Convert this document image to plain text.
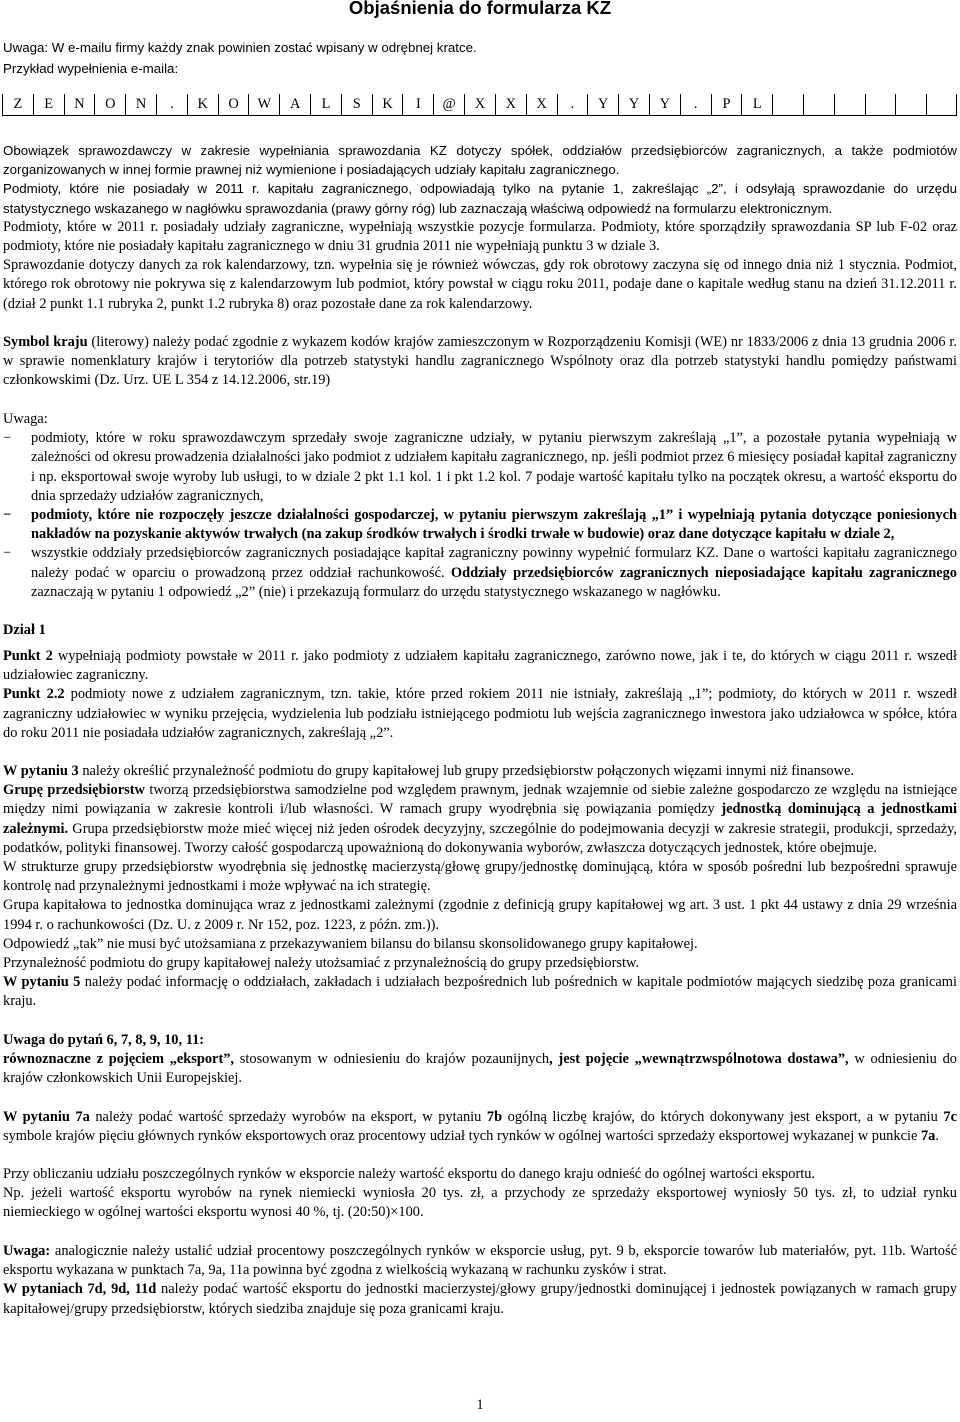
Objaśnienia do formularza KZ

Uwaga: W e-mailu firmy każdy znak powinien zostać wpisany w odrębnej kratce.

Przykład wypełnienia e-maila:

Z	E	N	O	N	.	K	O	W	A	L	S	K	I	@	X	X	X	.	Y	Y	Y	.	P	L

Obowiązek sprawozdawczy w zakresie wypełniania sprawozdania KZ dotyczy spółek, oddziałów przedsiębiorców zagranicznych, a także podmiotów zorganizowanych w innej formie prawnej niż wymienione i posiadających udziały kapitału zagranicznego.

Podmioty, które nie posiadały w 2011 r. kapitału zagranicznego, odpowiadają tylko na pytanie 1, zakreślając „2”, i odsyłają sprawozdanie do urzędu statystycznego wskazanego w nagłówku sprawozdania (prawy górny róg) lub zaznaczają właściwą odpowiedź na formularzu elektronicznym.

Podmioty, które w 2011 r. posiadały udziały zagraniczne, wypełniają wszystkie pozycje formularza. Podmioty, które sporządziły sprawozdania SP lub F-02 oraz podmioty, które nie posiadały kapitału zagranicznego w dniu 31 grudnia 2011 nie wypełniają punktu 3 w dziale 3.

Sprawozdanie dotyczy danych za rok kalendarzowy, tzn. wypełnia się je również wówczas, gdy rok obrotowy zaczyna się od innego dnia niż 1 stycznia. Podmiot, którego rok obrotowy nie pokrywa się z kalendarzowym lub podmiot, który powstał w ciągu roku 2011, podaje dane o kapitale według stanu na dzień 31.12.2011 r. (dział 2 punkt 1.1 rubryka 2, punkt 1.2 rubryka 8) oraz pozostałe dane za rok kalendarzowy.

Symbol kraju (literowy) należy podać zgodnie z wykazem kodów krajów zamieszczonym w Rozporządzeniu Komisji (WE) nr 1833/2006 z dnia 13 grudnia 2006 r. w sprawie nomenklatury krajów i terytoriów dla potrzeb statystyki handlu zagranicznego Wspólnoty oraz dla potrzeb statystyki handlu pomiędzy państwami członkowskimi (Dz. Urz. UE L 354 z 14.12.2006, str.19)

Uwaga:

− podmioty, które w roku sprawozdawczym sprzedały swoje zagraniczne udziały, w pytaniu pierwszym zakreślają „1”, a pozostałe pytania wypełniają w zależności od okresu prowadzenia działalności jako podmiot z udziałem kapitału zagranicznego, np. jeśli podmiot przez 6 miesięcy posiadał kapitał zagraniczny i np. eksportował swoje wyroby lub usługi, to w dziale 2 pkt 1.1 kol. 1 i pkt 1.2 kol. 7 podaje wartość kapitału tylko na początek okresu, a wartość eksportu do dnia sprzedaży udziałów zagranicznych,
− podmioty, które nie rozpoczęły jeszcze działalności gospodarczej, w pytaniu pierwszym zakreślają „1” i wypełniają pytania dotyczące poniesionych nakładów na pozyskanie aktywów trwałych (na zakup środków trwałych i środki trwałe w budowie) oraz dane dotyczące kapitału w dziale 2,
− wszystkie oddziały przedsiębiorców zagranicznych posiadające kapitał zagraniczny powinny wypełnić formularz KZ. Dane o wartości kapitału zagranicznego należy podać w oparciu o prowadzoną przez oddział rachunkowość. Oddziały przedsiębiorców zagranicznych nieposiadające kapitału zagranicznego zaznaczają w pytaniu 1 odpowiedź „2” (nie) i przekazują formularz do urzędu statystycznego wskazanego w nagłówku.

Dział 1

Punkt 2 wypełniają podmioty powstałe w 2011 r. jako podmioty z udziałem kapitału zagranicznego, zarówno nowe, jak i te, do których w ciągu 2011 r. wszedł udziałowiec zagraniczny.

Punkt 2.2 podmioty nowe z udziałem zagranicznym, tzn. takie, które przed rokiem 2011 nie istniały, zakreślają „1”; podmioty, do których w 2011 r. wszedł zagraniczny udziałowiec w wyniku przejęcia, wydzielenia lub podziału istniejącego podmiotu lub wejścia zagranicznego inwestora jako udziałowca w spółce, która do roku 2011 nie posiadała udziałów zagranicznych, zakreślają „2”.

W pytaniu 3 należy określić przynależność podmiotu do grupy kapitałowej lub grupy przedsiębiorstw połączonych więzami innymi niż finansowe.

Grupę przedsiębiorstw tworzą przedsiębiorstwa samodzielne pod względem prawnym, jednak wzajemnie od siebie zależne gospodarczo ze względu na istniejące między nimi powiązania w zakresie kontroli i/lub własności. W ramach grupy wyodrębnia się powiązania pomiędzy jednostką dominującą a jednostkami zależnymi. Grupa przedsiębiorstw może mieć więcej niż jeden ośrodek decyzyjny, szczególnie do podejmowania decyzji w zakresie strategii, produkcji, sprzedaży, podatków, polityki finansowej. Tworzy całość gospodarczą upoważnioną do dokonywania wyborów, zwłaszcza dotyczących jednostek, które obejmuje.

W strukturze grupy przedsiębiorstw wyodrębnia się jednostkę macierzystą/głowę grupy/jednostkę dominującą, która w sposób pośredni lub bezpośredni sprawuje kontrolę nad przynależnymi jednostkami i może wpływać na ich strategię.

Grupa kapitałowa to jednostka dominująca wraz z jednostkami zależnymi (zgodnie z definicją grupy kapitałowej wg art. 3 ust. 1 pkt 44 ustawy z dnia 29 września 1994 r. o rachunkowości (Dz. U. z 2009 r. Nr 152, poz. 1223, z późn. zm.)).

Odpowiedź „tak” nie musi być utożsamiana z przekazywaniem bilansu do bilansu skonsolidowanego grupy kapitałowej.

Przynależność podmiotu do grupy kapitałowej należy utożsamiać z przynależnością do grupy przedsiębiorstw.

W pytaniu 5 należy podać informację o oddziałach, zakładach i udziałach bezpośrednich lub pośrednich w kapitale podmiotów mających siedzibę poza granicami kraju.

Uwaga do pytań 6, 7, 8, 9, 10, 11:

równoznaczne z pojęciem „eksport”, stosowanym w odniesieniu do krajów pozaunijnych, jest pojęcie „wewnątrzwspólnotowa dostawa”, w odniesieniu do krajów członkowskich Unii Europejskiej.

W pytaniu 7a należy podać wartość sprzedaży wyrobów na eksport, w pytaniu 7b ogólną liczbę krajów, do których dokonywany jest eksport, a w pytaniu 7c symbole krajów pięciu głównych rynków eksportowych oraz procentowy udział tych rynków w ogólnej wartości sprzedaży eksportowej wykazanej w punkcie 7a.

Przy obliczaniu udziału poszczególnych rynków w eksporcie należy wartość eksportu do danego kraju odnieść do ogólnej wartości eksportu.

Np. jeżeli wartość eksportu wyrobów na rynek niemiecki wyniosła 20 tys. zł, a przychody ze sprzedaży eksportowej wyniosły 50 tys. zł, to udział rynku niemieckiego w ogólnej wartości eksportu wynosi 40 %, tj. (20:50)×100.

Uwaga: analogicznie należy ustalić udział procentowy poszczególnych rynków w eksporcie usług, pyt. 9 b, eksporcie towarów lub materiałów, pyt. 11b. Wartość eksportu wykazana w punktach 7a, 9a, 11a powinna być zgodna z wielkością wykazaną w rachunku zysków i strat.

W pytaniach 7d, 9d, 11d należy podać wartość eksportu do jednostki macierzystej/głowy grupy/jednostki dominującej i jednostek powiązanych w ramach grupy kapitałowej/grupy przedsiębiorstw, których siedziba znajduje się poza granicami kraju.

1
